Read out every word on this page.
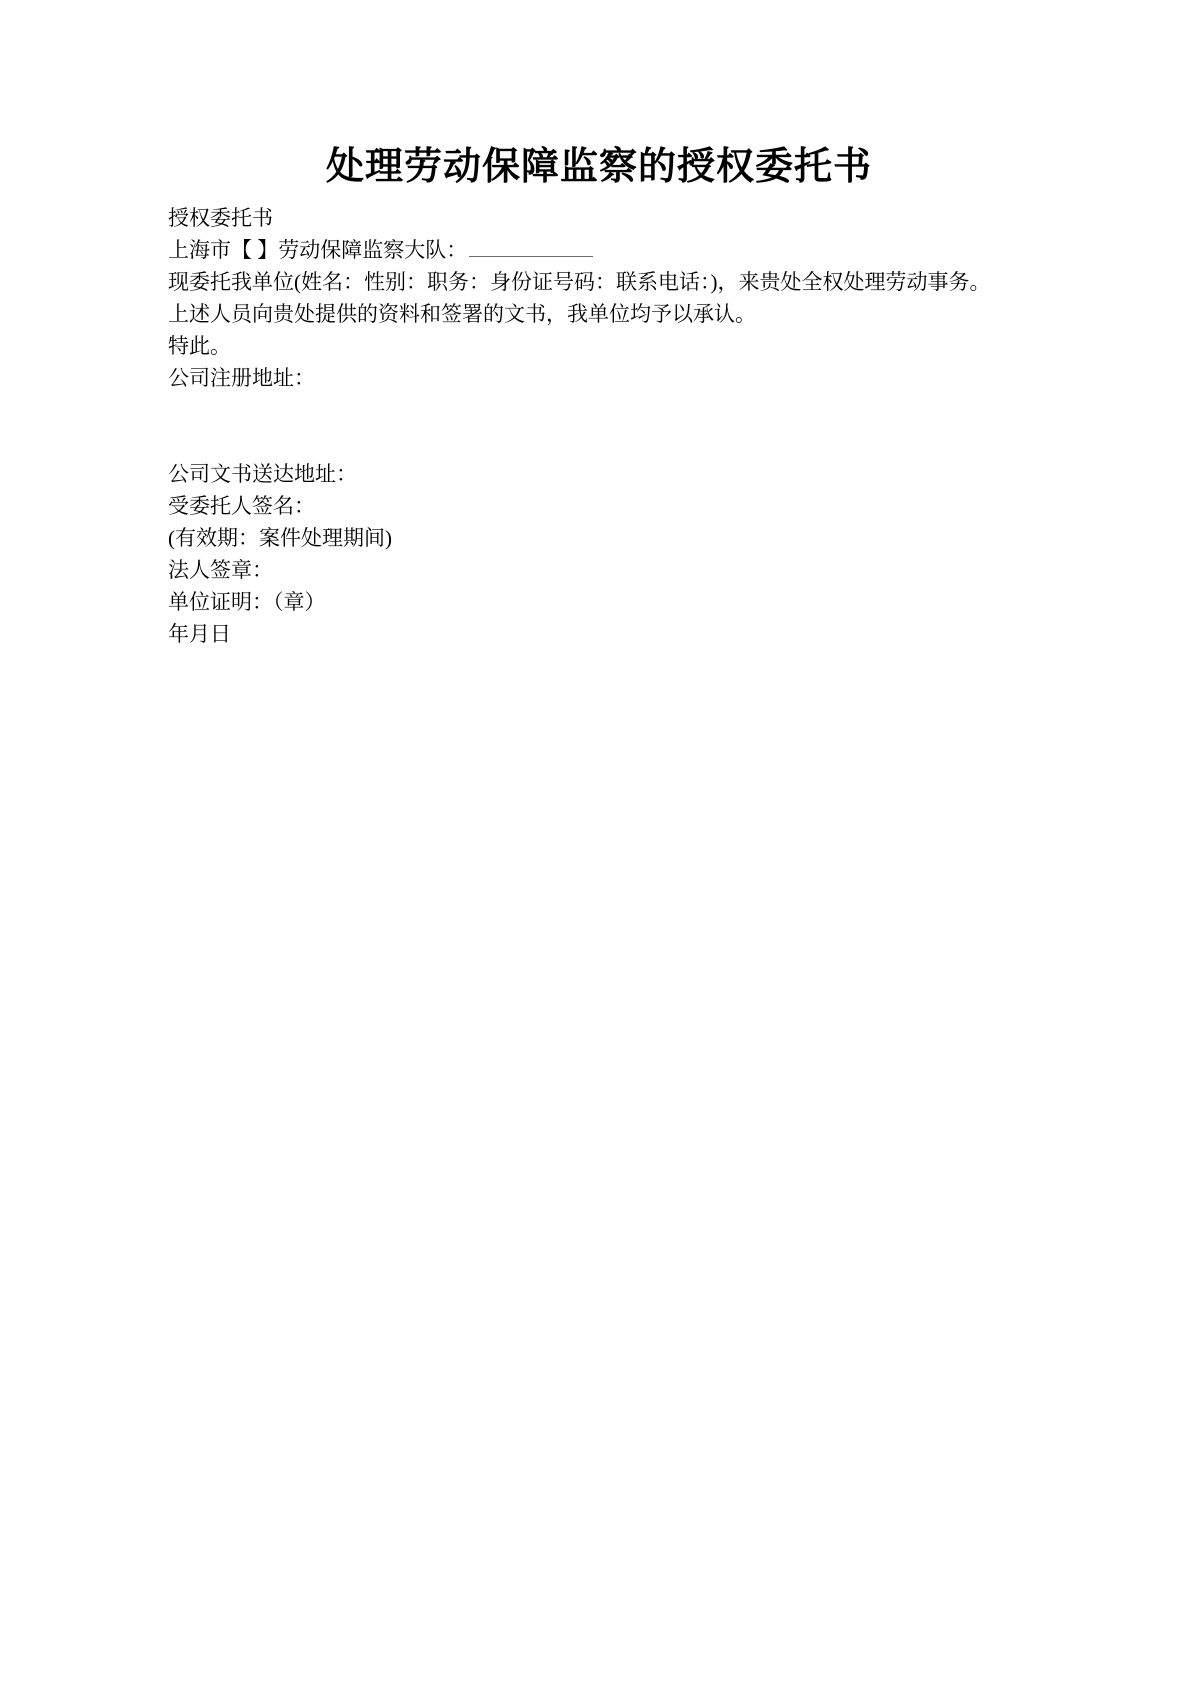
处理劳动保障监察的授权委托书
授权委托书
上海市【 】劳动保障监察大队：
现委托我单位(姓名：性别：职务：身份证号码：联系电话：)，来贵处全权处理劳动事务。
上述人员向贵处提供的资料和签署的文书，我单位均予以承认。
特此。
公司注册地址：
公司文书送达地址：
受委托人签名：
(有效期：案件处理期间)
法人签章：
单位证明：（章）
年月日
